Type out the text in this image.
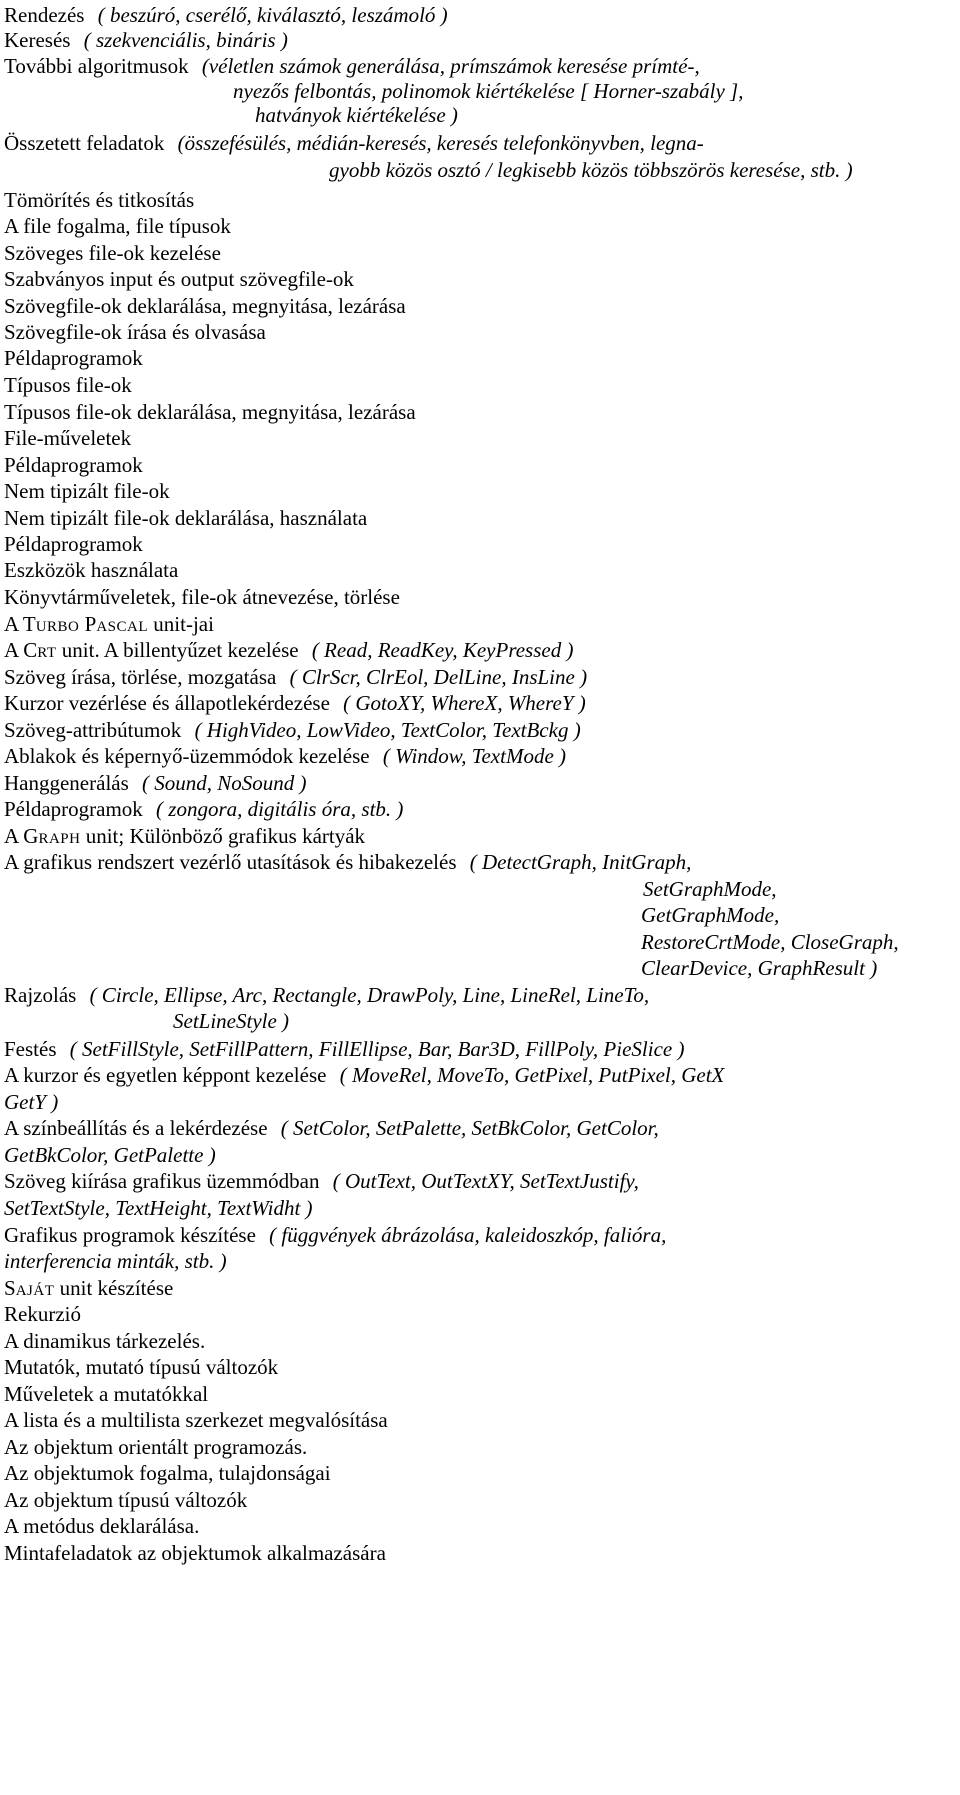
Rendezés ( beszúró, cserélő, kiválasztó, leszámoló )
Keresés ( szekvenciális, bináris )
További algoritmusok (véletlen számok generálása, prímszámok keresése prímté-,
nyezős felbontás, polinomok kiértékelése [ Horner-szabály ],
hatványok kiértékelése )
Összetett feladatok (összefésülés, médián-keresés, keresés telefonkönyvben, legna-
gyobb közös osztó / legkisebb közös többszörös keresése, stb. )
Tömörítés és titkosítás
A file fogalma, file típusok
Szöveges file-ok kezelése
Szabványos input és output szövegfile-ok
Szövegfile-ok deklarálása, megnyitása, lezárása
Szövegfile-ok írása és olvasása
Példaprogramok
Típusos file-ok
Típusos file-ok deklarálása, megnyitása, lezárása
File-műveletek
Példaprogramok
Nem tipizált file-ok
Nem tipizált file-ok deklarálása, használata
Példaprogramok
Eszközök használata
Könyvtárműveletek, file-ok átnevezése, törlése
A TURBO PASCAL unit-jai
A CRT unit. A billentyűzet kezelése ( Read, ReadKey, KeyPressed )
Szöveg írása, törlése, mozgatása ( ClrScr, ClrEol, DelLine, InsLine )
Kurzor vezérlése és állapotlekérdezése ( GotoXY, WhereX, WhereY )
Szöveg-attribútumok ( HighVideo, LowVideo, TextColor, TextBckg )
Ablakok és képernyő-üzemmódok kezelése ( Window, TextMode )
Hanggenerálás ( Sound, NoSound )
Példaprogramok ( zongora, digitális óra, stb. )
A GRAPH unit; Különböző grafikus kártyák
A grafikus rendszert vezérlő utasítások és hibakezelés ( DetectGraph, InitGraph,
SetGraphMode,
GetGraphMode,
RestoreCrtMode, CloseGraph,
ClearDevice, GraphResult )
Rajzolás ( Circle, Ellipse, Arc, Rectangle, DrawPoly, Line, LineRel, LineTo,
SetLineStyle )
Festés ( SetFillStyle, SetFillPattern, FillEllipse, Bar, Bar3D, FillPoly, PieSlice )
A kurzor és egyetlen képpont kezelése ( MoveRel, MoveTo, GetPixel, PutPixel, GetX
GetY )
A színbeállítás és a lekérdezése ( SetColor, SetPalette, SetBkColor, GetColor,
GetBkColor, GetPalette )
Szöveg kiírása grafikus üzemmódban ( OutText, OutTextXY, SetTextJustify,
SetTextStyle, TextHeight, TextWidht )
Grafikus programok készítése ( függvények ábrázolása, kaleidoszkóp, falióra,
interferencia minták, stb. )
SAJÁT unit készítése
Rekurzió
A dinamikus tárkezelés.
Mutatók, mutató típusú változók
Műveletek a mutatókkal
A lista és a multilista szerkezet megvalósítása
Az objektum orientált programozás.
Az objektumok fogalma, tulajdonságai
Az objektum típusú változók
A metódus deklarálása.
Mintafeladatok az objektumok alkalmazására
